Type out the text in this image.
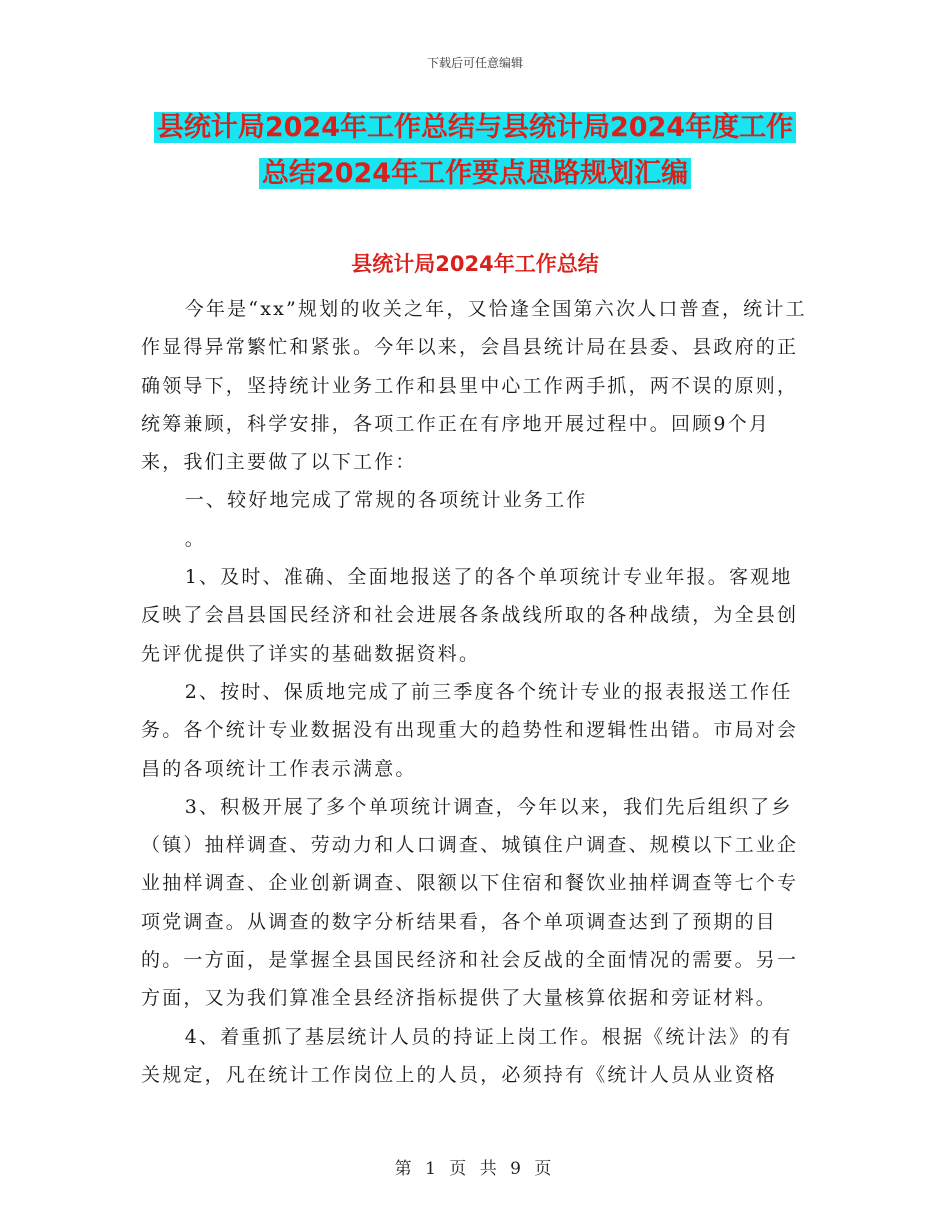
下载后可任意编辑
县统计局2024年工作总结与县统计局2024年度工作
总结2024年工作要点思路规划汇编
县统计局2024年工作总结

今年是“xx”规划的收关之年，又恰逢全国第六次人口普查，统计工作显得异常繁忙和紧张。今年以来，会昌县统计局在县委、县政府的正确领导下，坚持统计业务工作和县里中心工作两手抓，两不误的原则，统筹兼顾，科学安排，各项工作正在有序地开展过程中。回顾9个月来，我们主要做了以下工作：

一、较好地完成了常规的各项统计业务工作

。

1、及时、准确、全面地报送了的各个单项统计专业年报。客观地反映了会昌县国民经济和社会进展各条战线所取的各种战绩，为全县创先评优提供了详实的基础数据资料。

2、按时、保质地完成了前三季度各个统计专业的报表报送工作任务。各个统计专业数据没有出现重大的趋势性和逻辑性出错。市局对会昌的各项统计工作表示满意。

3、积极开展了多个单项统计调查，今年以来，我们先后组织了乡（镇）抽样调查、劳动力和人口调查、城镇住户调查、规模以下工业企业抽样调查、企业创新调查、限额以下住宿和餐饮业抽样调查等七个专项党调查。从调查的数字分析结果看，各个单项调查达到了预期的目的。一方面，是掌握全县国民经济和社会反战的全面情况的需要。另一方面，又为我们算准全县经济指标提供了大量核算依据和旁证材料。

4、着重抓了基层统计人员的持证上岗工作。根据《统计法》的有关规定，凡在统计工作岗位上的人员，必须持有《统计人员从业资格

第 1 页 共 9 页
